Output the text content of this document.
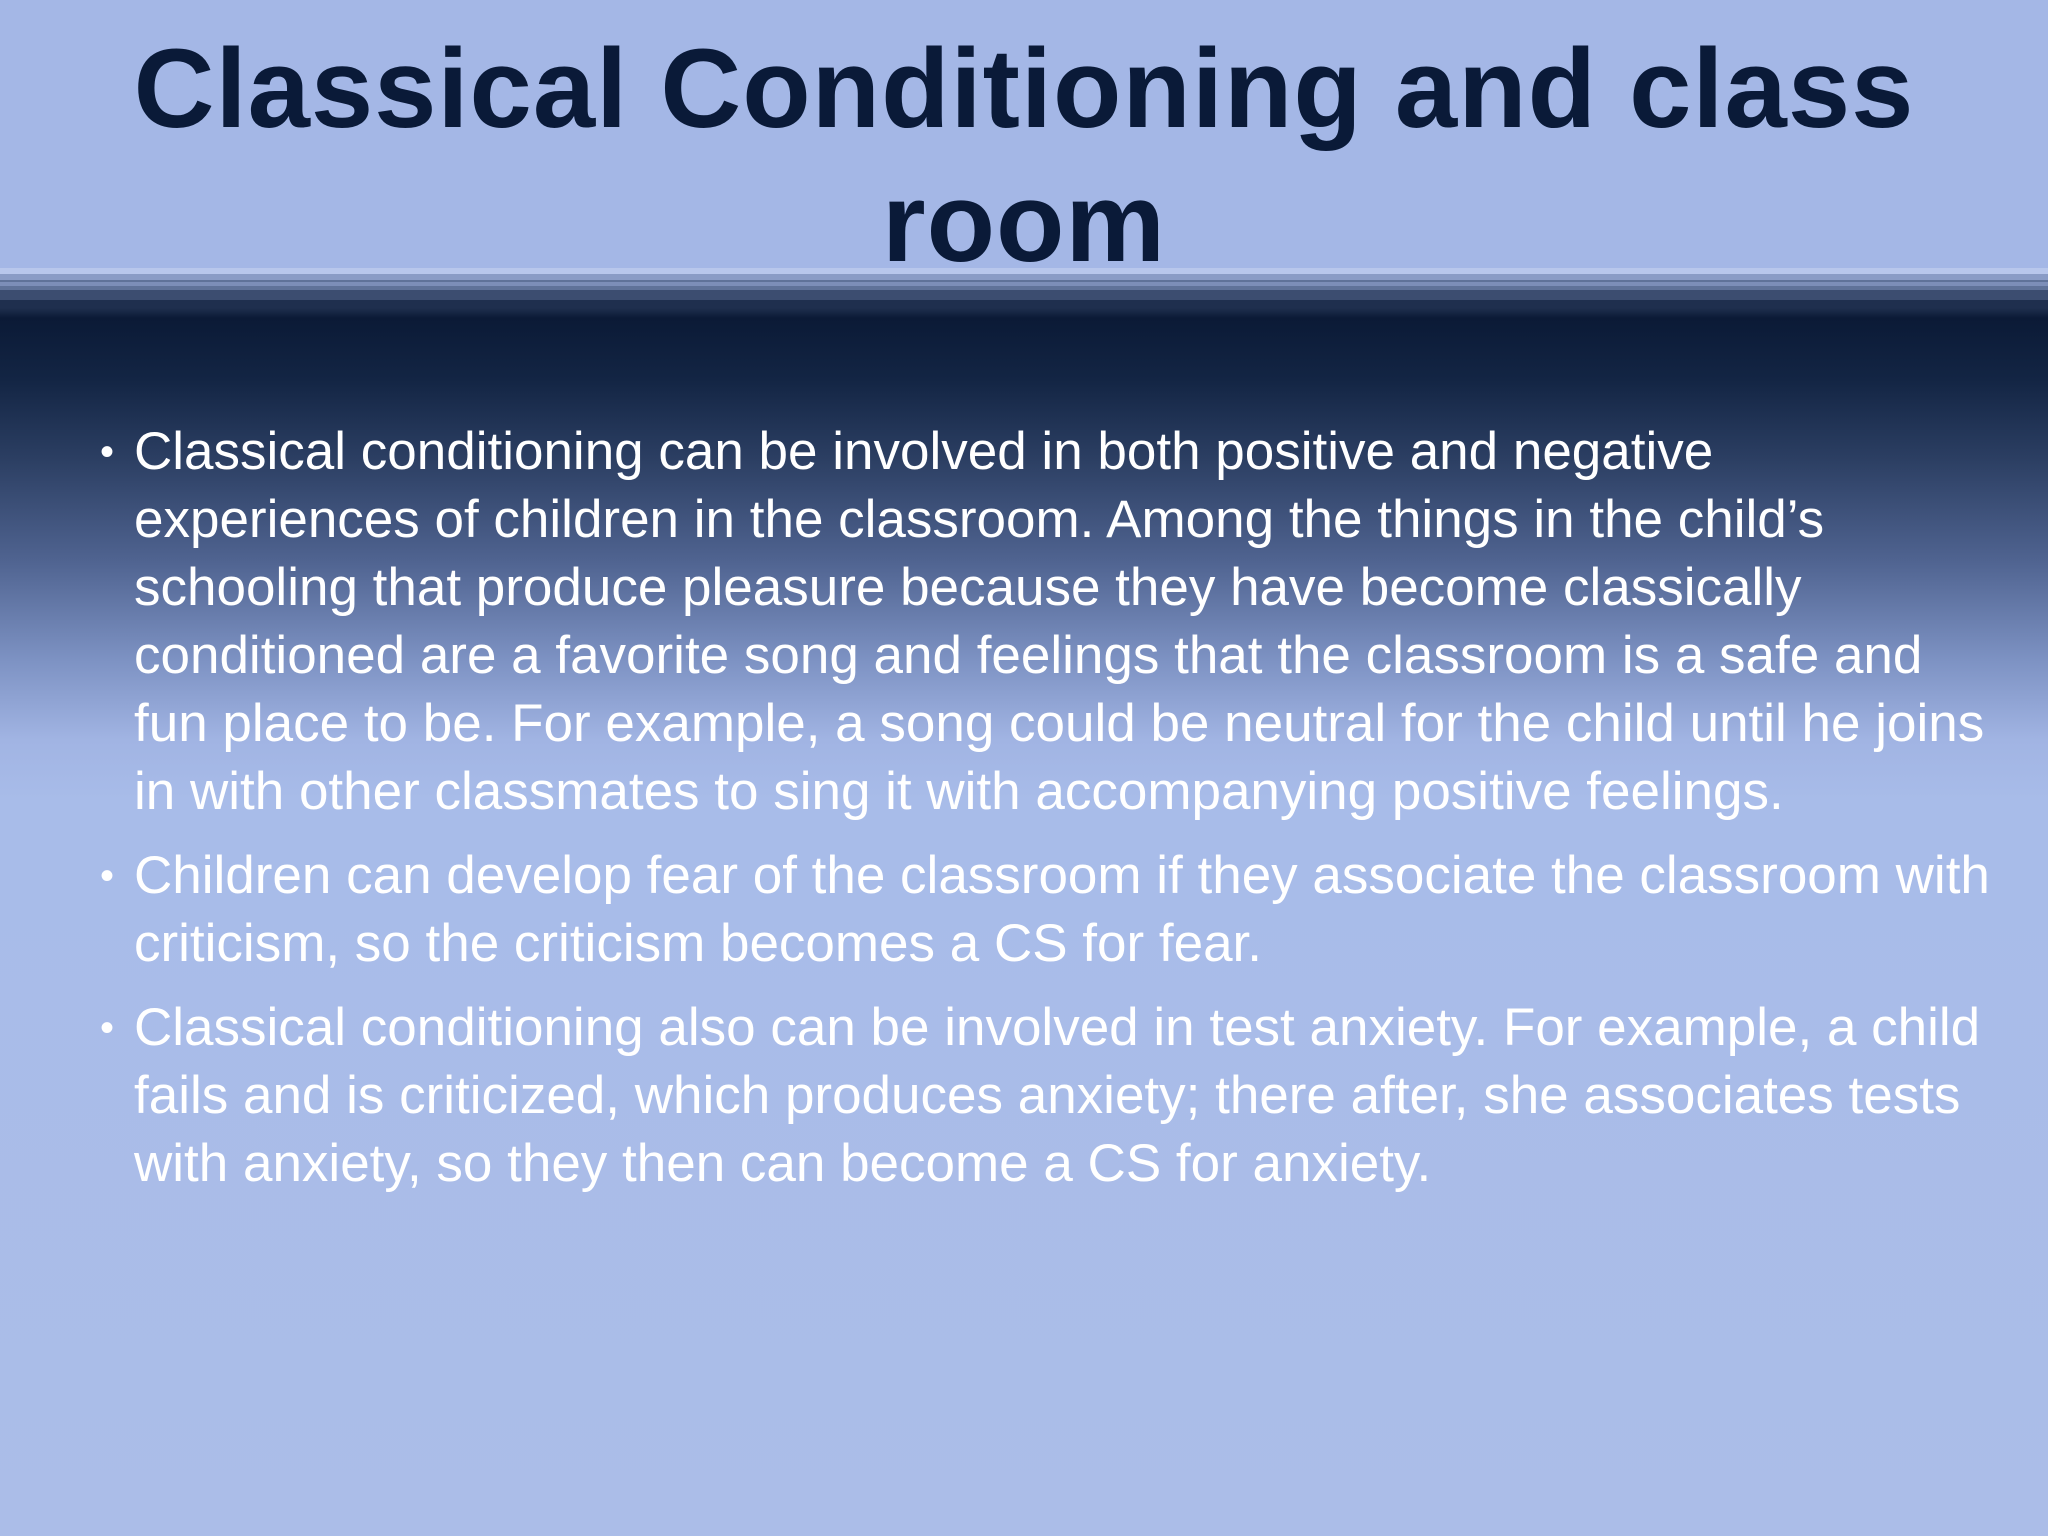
Classical Conditioning and class room
• Classical conditioning can be involved in both positive and negative experiences of children in the classroom. Among the things in the child’s schooling that produce pleasure because they have become classically conditioned are a favorite song and feelings that the classroom is a safe and fun place to be. For example, a song could be neutral for the child until he joins in with other classmates to sing it with accompanying positive feelings.
• Children can develop fear of the classroom if they associate the classroom with criticism, so the criticism becomes a CS for fear.
• Classical conditioning also can be involved in test anxiety. For example, a child fails and is criticized, which produces anxiety; there after, she associates tests with anxiety, so they then can become a CS for anxiety.
